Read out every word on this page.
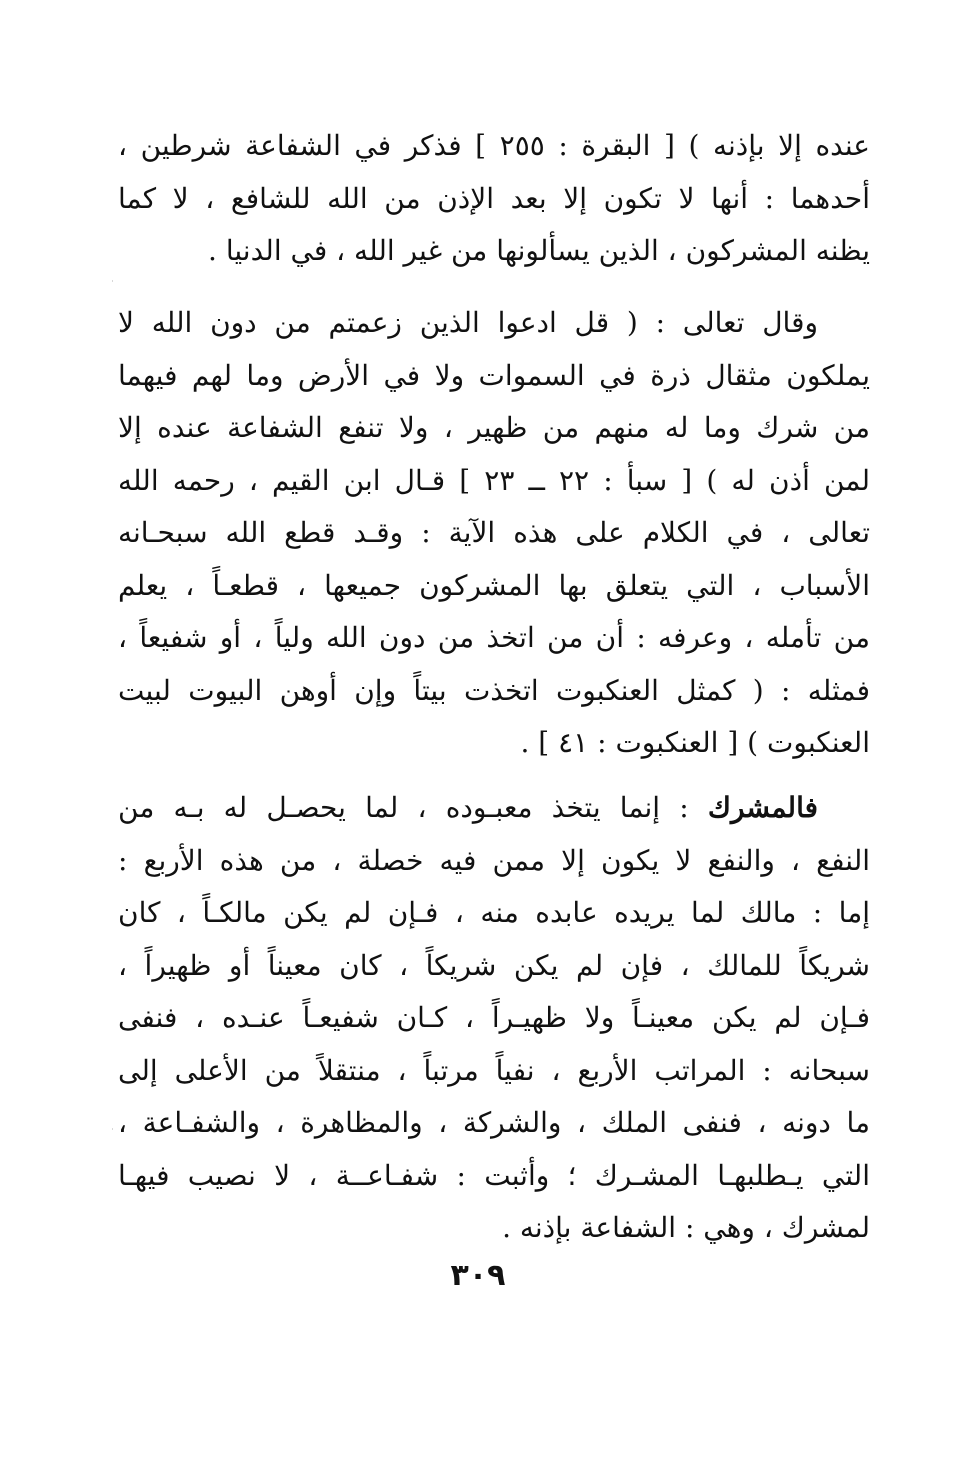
عنده إلا بإذنه ) [ البقرة : ٢٥٥ ] فذكر في الشفاعة شرطين ،
أحدهما : أنها لا تكون إلا بعد الإذن من الله للشافع ، لا كما
يظنه المشركون ، الذين يسألونها من غير الله ، في الدنيا .
وقال تعالى : ( قل ادعوا الذين زعمتم من دون الله لا
يملكون مثقال ذرة في السموات ولا في الأرض وما لهم فيهما
من شرك وما له منهم من ظهير ، ولا تنفع الشفاعة عنده إلا
لمن أذن له ) [ سبأ : ٢٢ ــ ٢٣ ] قـال ابن القيم ، رحمه الله
تعالى ، في الكلام على هذه الآية : وقـد قطع الله سبحـانه
الأسباب ، التي يتعلق بها المشركون جميعها ، قطعـاً ، يعلم
من تأمله ، وعرفه : أن من اتخذ من دون الله ولياً ، أو شفيعاً ،
فمثله : ( كمثل العنكبوت اتخذت بيتاً وإن أوهن البيوت لبيت
العنكبوت ) [ العنكبوت : ٤١ ] .
فالمشرك : إنما يتخذ معبـوده ، لما يحصـل له بـه من
النفع ، والنفع لا يكون إلا ممن فيه خصلة ، من هذه الأربع :
إما : مالك لما يريده عابده منه ، فـإن لم يكن مالكـاً ، كان
شريكاً للمالك ، فإن لم يكن شريكاً ، كان معيناً أو ظهيراً ،
فـإن لم يكن معينـاً ولا ظهيـراً ، كـان شفيعـاً عنـده ، فنفى
سبحانه : المراتب الأربع ، نفياً مرتباً ، منتقلاً من الأعلى إلى
ما دونه ، فنفى الملك ، والشركة ، والمظاهرة ، والشفـاعة ،
التي يـطلبهـا المشـرك ؛ وأثبت : شفـاعــة ، لا نصيب فيهـا
لمشرك ، وهي : الشفاعة بإذنه .
٣٠٩
